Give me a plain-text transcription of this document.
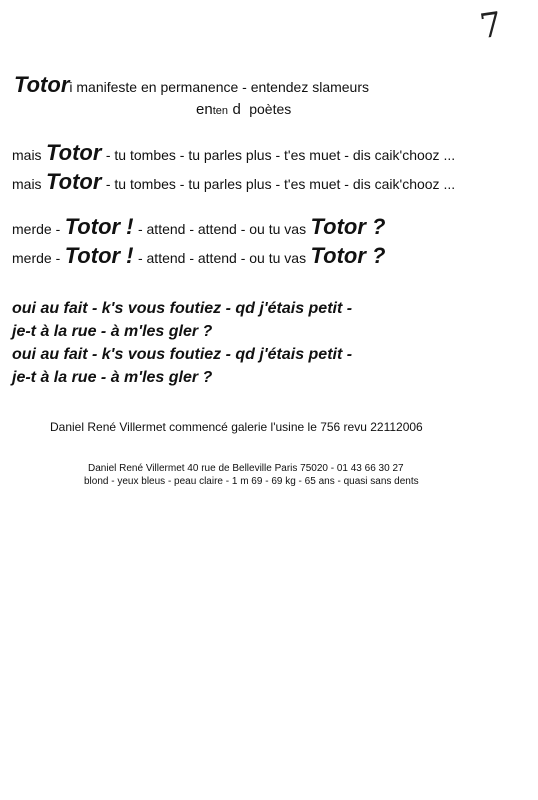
7
Totori manifeste en permanence - entendez slameurs
enten d poètes
mais Totor - tu tombes - tu parles plus - t'es muet - dis caik'chooz ...
mais Totor - tu tombes - tu parles plus - t'es muet - dis caik'chooz ...
merde - Totor ! - attend - attend - ou tu vas Totor ?
merde - Totor ! - attend - attend - ou tu vas Totor ?
oui au fait - k's vous foutiez - qd j'étais petit -
je-t à la rue - à m'les gler ?
oui au fait - k's vous foutiez - qd j'étais petit -
je-t à la rue - à m'les gler ?
Daniel René Villermet commencé galerie l'usine le 756 revu 22112006
Daniel René Villermet 40 rue de Belleville Paris 75020 - 01 43 66 30 27
blond - yeux bleus - peau claire - 1 m 69 - 69 kg - 65 ans - quasi sans dents
